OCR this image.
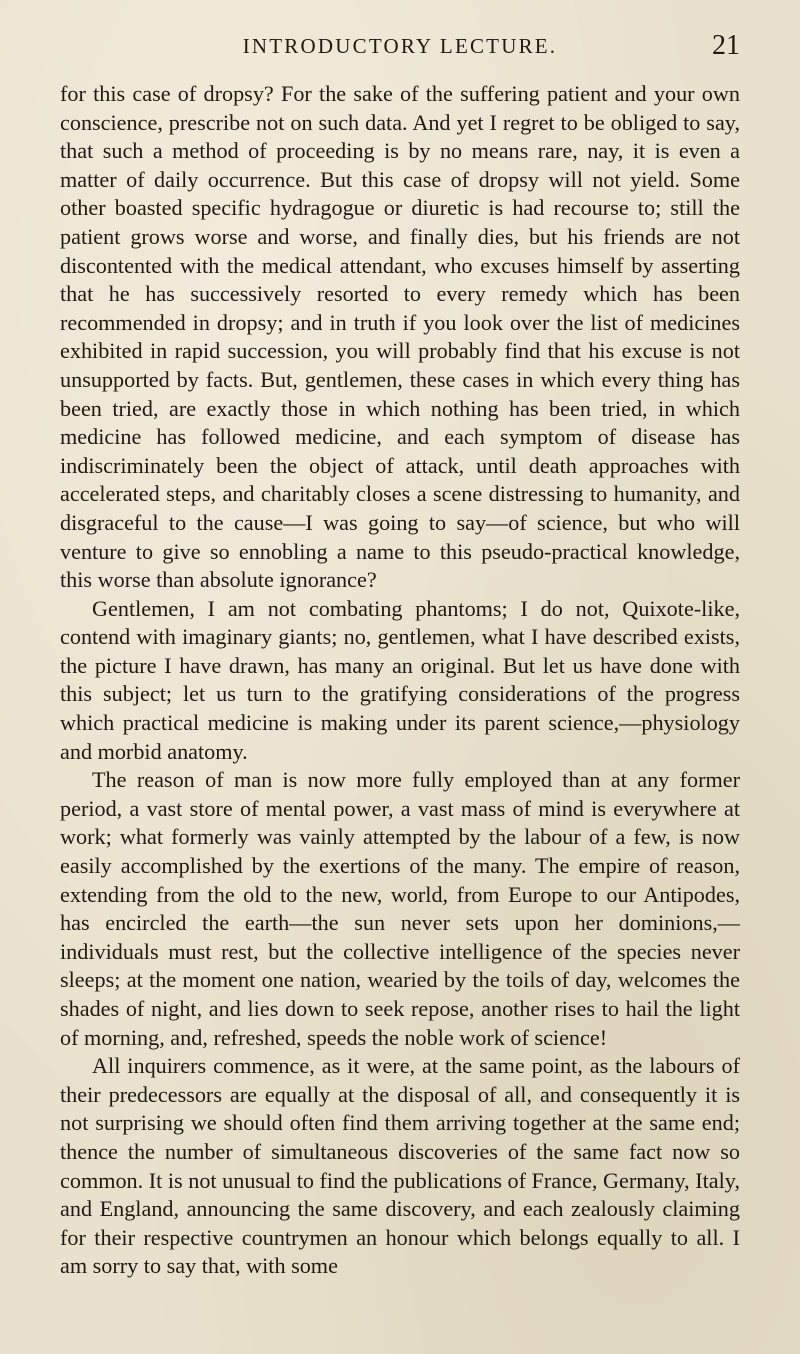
INTRODUCTORY LECTURE.	21

for this case of dropsy? For the sake of the suffering patient and your own conscience, prescribe not on such data. And yet I regret to be obliged to say, that such a method of proceeding is by no means rare, nay, it is even a matter of daily occurrence. But this case of dropsy will not yield. Some other boasted specific hydragogue or diuretic is had recourse to; still the patient grows worse and worse, and finally dies, but his friends are not discontented with the medical attendant, who excuses himself by asserting that he has successively resorted to every remedy which has been recommended in dropsy; and in truth if you look over the list of medicines exhibited in rapid succession, you will probably find that his excuse is not unsupported by facts. But, gentlemen, these cases in which every thing has been tried, are exactly those in which nothing has been tried, in which medicine has followed medicine, and each symptom of disease has indiscriminately been the object of attack, until death approaches with accelerated steps, and charitably closes a scene distressing to humanity, and disgraceful to the cause—I was going to say—of science, but who will venture to give so ennobling a name to this pseudo-practical knowledge, this worse than absolute ignorance?

Gentlemen, I am not combating phantoms; I do not, Quixote-like, contend with imaginary giants; no, gentlemen, what I have described exists, the picture I have drawn, has many an original. But let us have done with this subject; let us turn to the gratifying considerations of the progress which practical medicine is making under its parent science,—physiology and morbid anatomy.

The reason of man is now more fully employed than at any former period, a vast store of mental power, a vast mass of mind is everywhere at work; what formerly was vainly attempted by the labour of a few, is now easily accomplished by the exertions of the many. The empire of reason, extending from the old to the new, world, from Europe to our Antipodes, has encircled the earth—the sun never sets upon her dominions,—individuals must rest, but the collective intelligence of the species never sleeps; at the moment one nation, wearied by the toils of day, welcomes the shades of night, and lies down to seek repose, another rises to hail the light of morning, and, refreshed, speeds the noble work of science!

All inquirers commence, as it were, at the same point, as the labours of their predecessors are equally at the disposal of all, and consequently it is not surprising we should often find them arriving together at the same end; thence the number of simultaneous discoveries of the same fact now so common. It is not unusual to find the publications of France, Germany, Italy, and England, announcing the same discovery, and each zealously claiming for their respective countrymen an honour which belongs equally to all. I am sorry to say that, with some
